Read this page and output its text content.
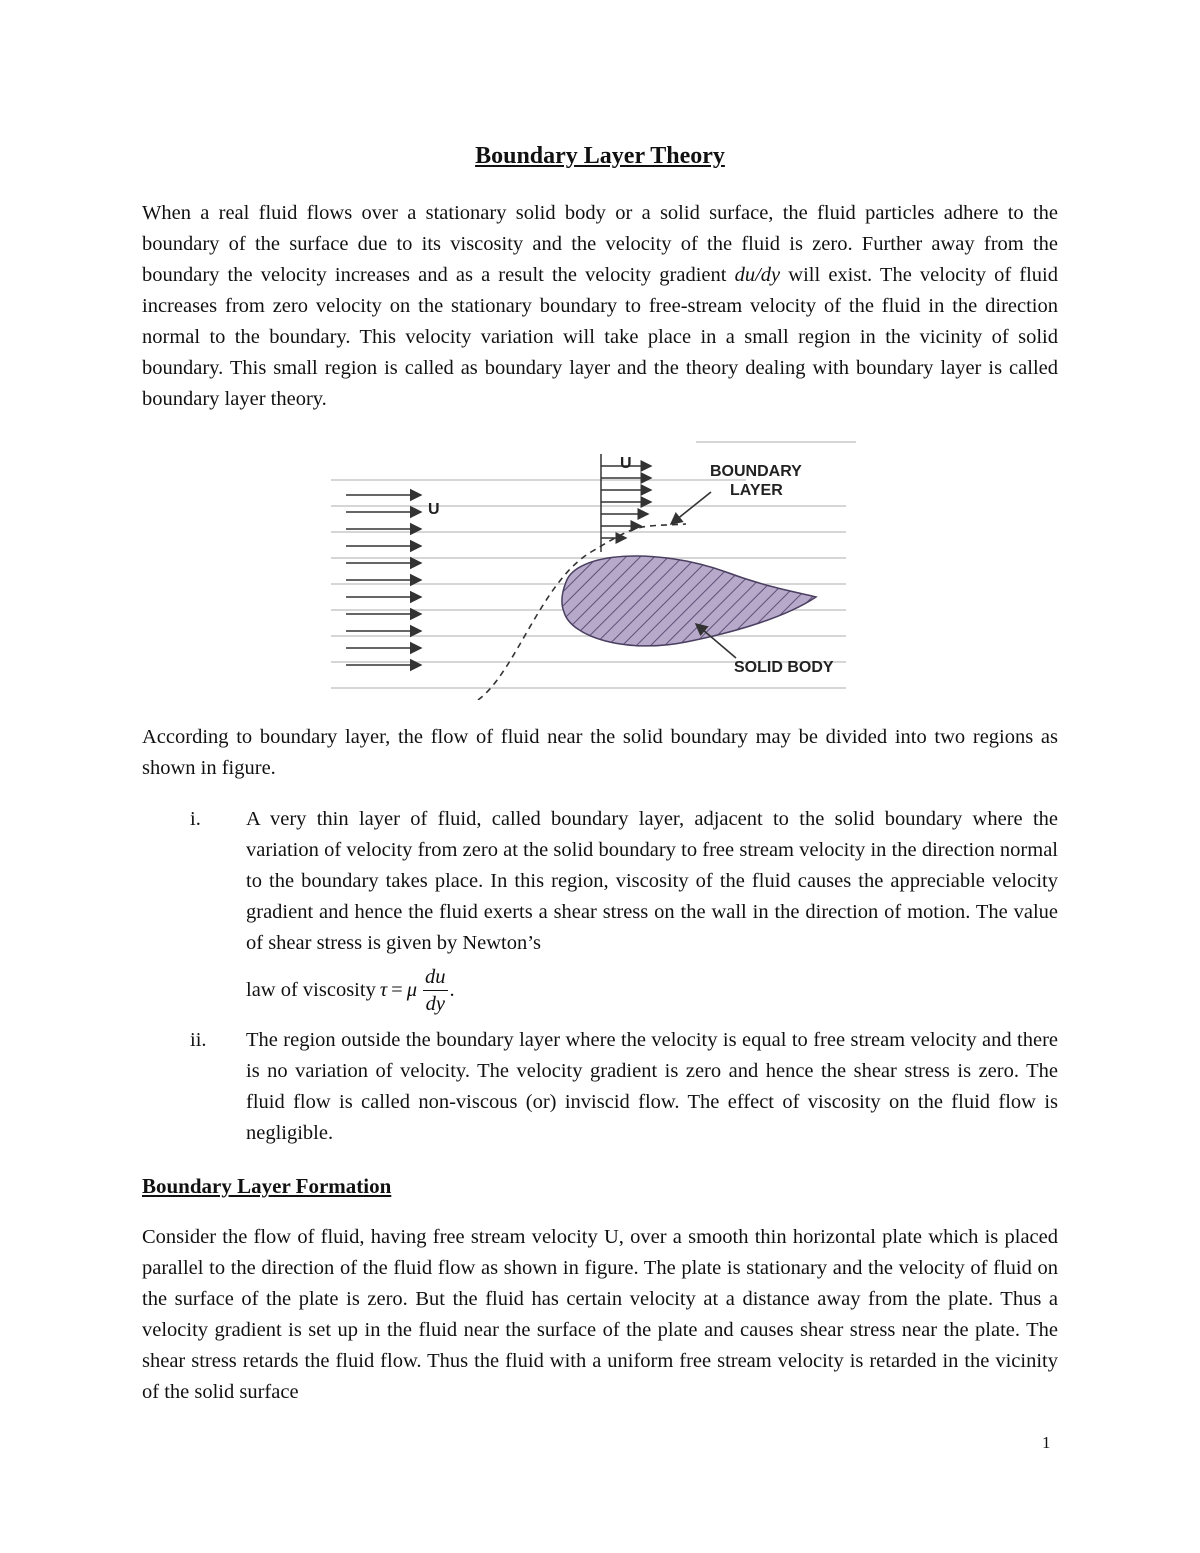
Boundary Layer Theory

When a real fluid flows over a stationary solid body or a solid surface, the fluid particles adhere to the boundary of the surface due to its viscosity and the velocity of the fluid is zero. Further away from the boundary the velocity increases and as a result the velocity gradient du/dy will exist. The velocity of fluid increases from zero velocity on the stationary boundary to free-stream velocity of the fluid in the direction normal to the boundary. This velocity variation will take place in a small region in the vicinity of solid boundary. This small region is called as boundary layer and the theory dealing with boundary layer is called boundary layer theory.

U
U	BOUNDARY
LAYER
SOLID BODY

According to boundary layer, the flow of fluid near the solid boundary may be divided into two regions as shown in figure.

i. A very thin layer of fluid, called boundary layer, adjacent to the solid boundary where the variation of velocity from zero at the solid boundary to free stream velocity in the direction normal to the boundary takes place. In this region, viscosity of the fluid causes the appreciable velocity gradient and hence the fluid exerts a shear stress on the wall in the direction of motion. The value of shear stress is given by Newton’s
law of viscosity τ = μ $\frac{du}{dy}$ .
ii. The region outside the boundary layer where the velocity is equal to free stream velocity and there is no variation of velocity. The velocity gradient is zero and hence the shear stress is zero. The fluid flow is called non-viscous (or) inviscid flow. The effect of viscosity on the fluid flow is negligible.
Boundary Layer Formation

Consider the flow of fluid, having free stream velocity U, over a smooth thin horizontal plate which is placed parallel to the direction of the fluid flow as shown in figure. The plate is stationary and the velocity of fluid on the surface of the plate is zero. But the fluid has certain velocity at a distance away from the plate. Thus a velocity gradient is set up in the fluid near the surface of the plate and causes shear stress near the plate. The shear stress retards the fluid flow. Thus the fluid with a uniform free stream velocity is retarded in the vicinity of the solid surface

1
